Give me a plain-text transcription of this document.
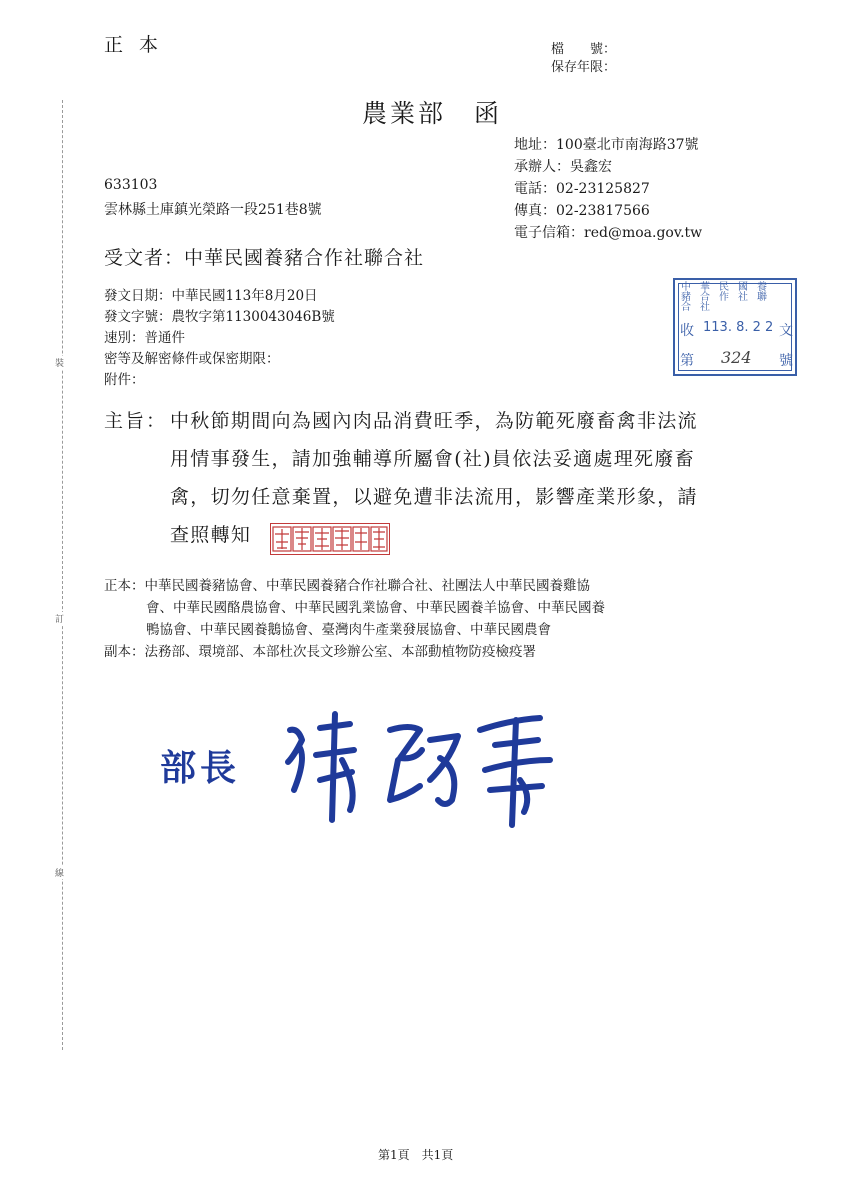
正本	檔　　號：
保存年限：
裝
訂
線
農業部　函
地址：100臺北市南海路37號
承辦人：吳鑫宏
電話：02-23125827
傳真：02-23817566
電子信箱：red@moa.gov.tw
633103
雲林縣土庫鎮光榮路一段251巷8號
受文者：中華民國養豬合作社聯合社
發文日期：中華民國113年8月20日
發文字號：農牧字第1130043046B號
速別：普通件
密等及解密條件或保密期限：
附件：
中華民國養豬合作社聯合社
收 113. 8. 2 2 文
第 324 號
主旨： 中秋節期間向為國內肉品消費旺季，為防範死廢畜禽非法流
用情事發生，請加強輔導所屬會(社)員依法妥適處理死廢畜
禽，切勿任意棄置，以避免遭非法流用，影響產業形象，請
查照轉知
正本：中華民國養豬協會、中華民國養豬合作社聯合社、社團法人中華民國養雞協
會、中華民國酪農協會、中華民國乳業協會、中華民國養羊協會、中華民國養
鴨協會、中華民國養鵝協會、臺灣肉牛產業發展協會、中華民國農會
副本：法務部、環境部、本部杜次長文珍辦公室、本部動植物防疫檢疫署
部長
第1頁　共1頁
